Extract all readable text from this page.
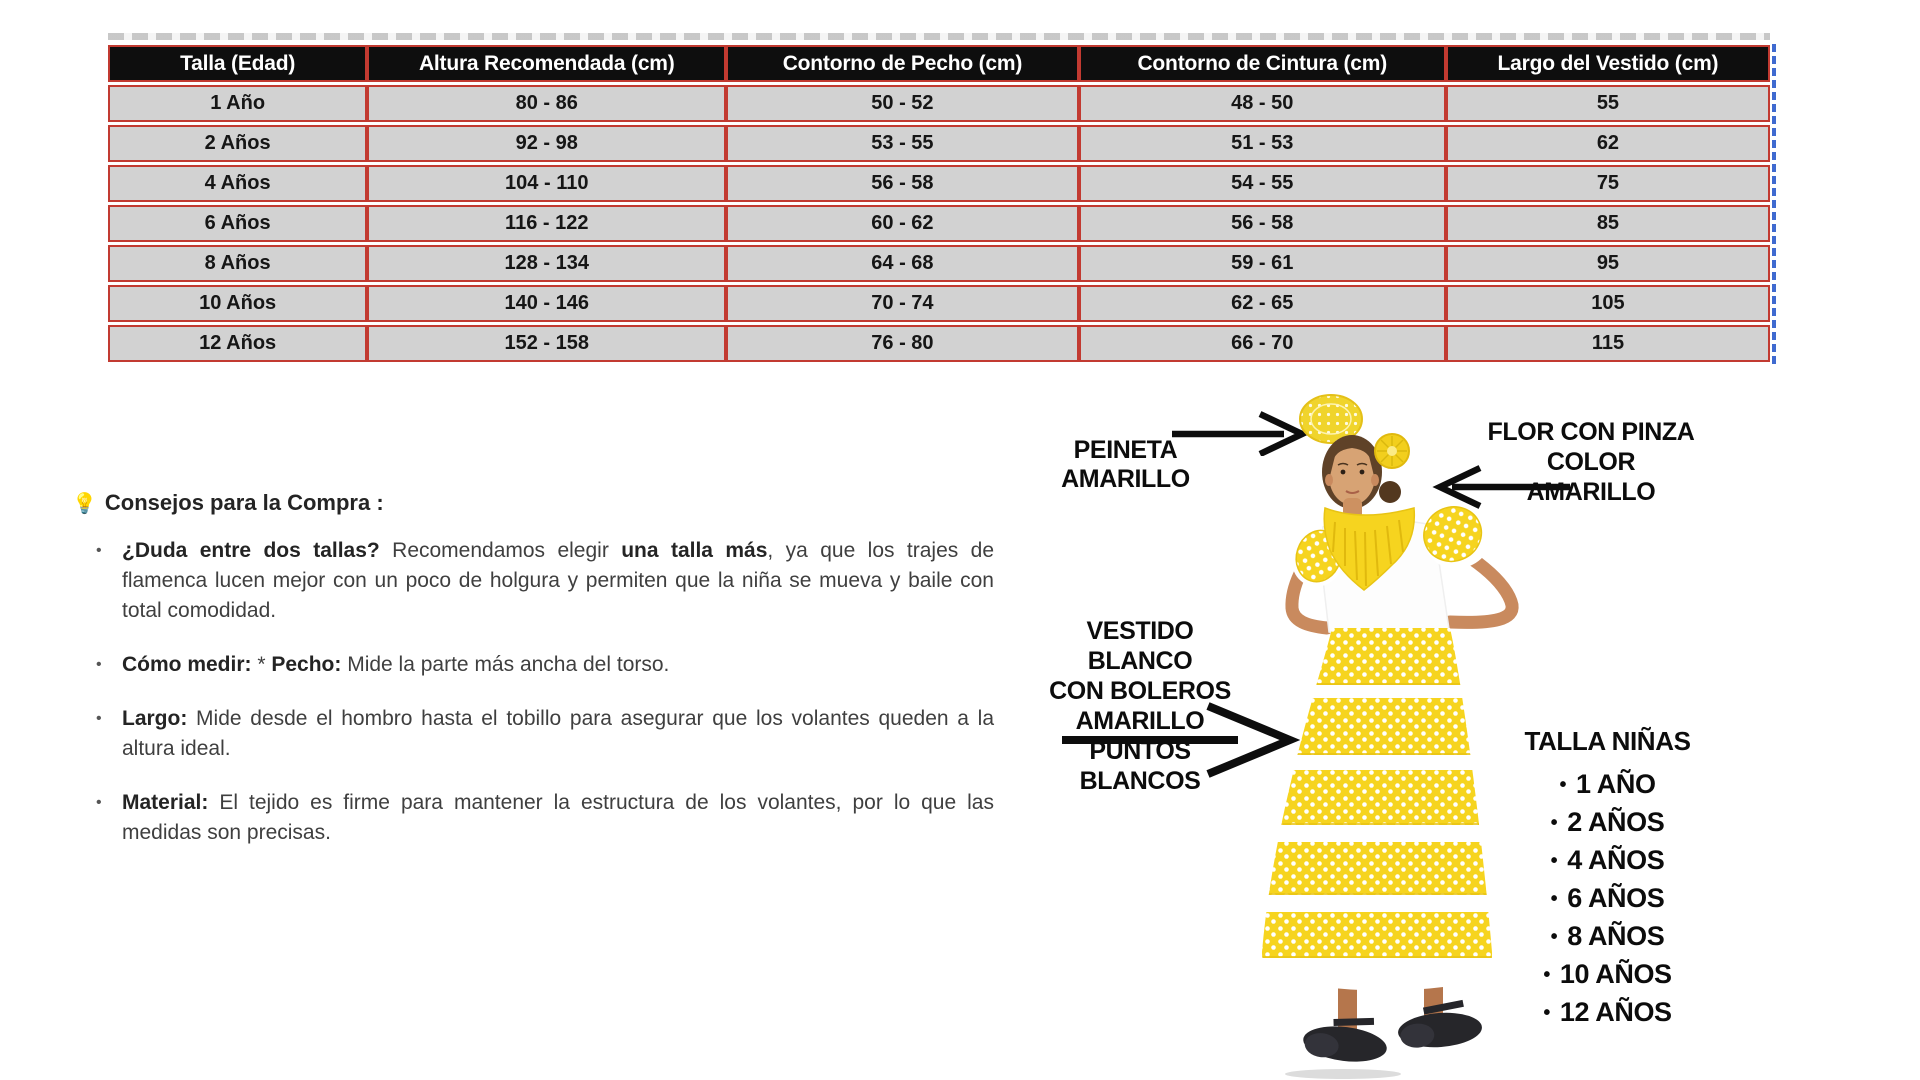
Talla (Edad)	Altura Recomendada (cm)	Contorno de Pecho (cm)	Contorno de Cintura (cm)	Largo del Vestido (cm)
1 Año	80 - 86	50 - 52	48 - 50	55
2 Años	92 - 98	53 - 55	51 - 53	62
4 Años	104 - 110	56 - 58	54 - 55	75
6 Años	116 - 122	60 - 62	56 - 58	85
8 Años	128 - 134	64 - 68	59 - 61	95
10 Años	140 - 146	70 - 74	62 - 65	105
12 Años	152 - 158	76 - 80	66 - 70	115
💡 Consejos para la Compra :
• ¿Duda entre dos tallas? Recomendamos elegir una talla más, ya que los trajes de flamenca lucen mejor con un poco de holgura y permiten que la niña se mueva y baile con total comodidad.
• Cómo medir: * Pecho: Mide la parte más ancha del torso.
• Largo: Mide desde el hombro hasta el tobillo para asegurar que los volantes queden a la altura ideal.
• Material: El tejido es firme para mantener la estructura de los volantes, por lo que las medidas son precisas.
PEINETA AMARILLO
FLOR CON PINZA
COLOR AMARILLO
VESTIDO BLANCO
CON BOLEROS
AMARILLO PUNTOS
BLANCOS
TALLA NIÑAS
• 1 AÑO
• 2 AÑOS
• 4 AÑOS
• 6 AÑOS
• 8 AÑOS
• 10 AÑOS
• 12 AÑOS
